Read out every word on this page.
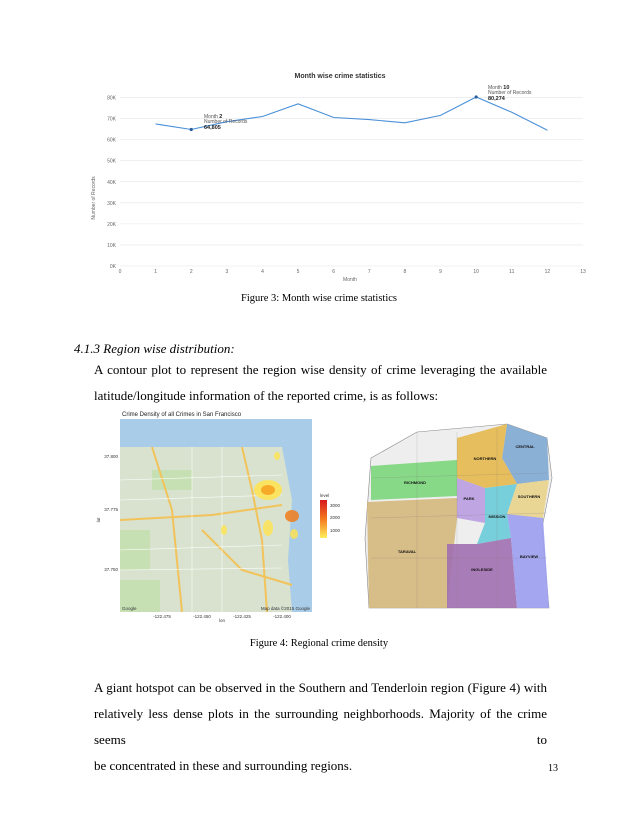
Month wise crime statistics
0K
10K
20K
30K
40K
50K
60K
70K
80K
0	1	2	3	4	5	6	7	8	9	10	11	12	13
Number of Records
Month
Month 2
Number of Records
64,805
Month 10
Number of Records
80,274
Figure 3: Month wise crime statistics
4.1.3 Region wise distribution:
A contour plot to represent the region wise density of crime leveraging the available
latitude/longitude information of the reported crime, is as follows:
Crime Density of all Crimes in San Francisco
lat
37.800
37.775
37.750
-122.475	-122.450	-122.425	-122.400
lon
Google	Map data ©2015 Google
level
3000
2000
1000
CENTRAL
NORTHERN
RICHMOND
SOUTHERN
PARK
MISSION
TARAVAL
INGLESIDE
BAYVIEW
Figure 4: Regional crime density
A giant hotspot can be observed in the Southern and Tenderloin region (Figure 4) with
relatively less dense plots in the surrounding neighborhoods. Majority of the crime seems to
be concentrated in these and surrounding regions.	13
